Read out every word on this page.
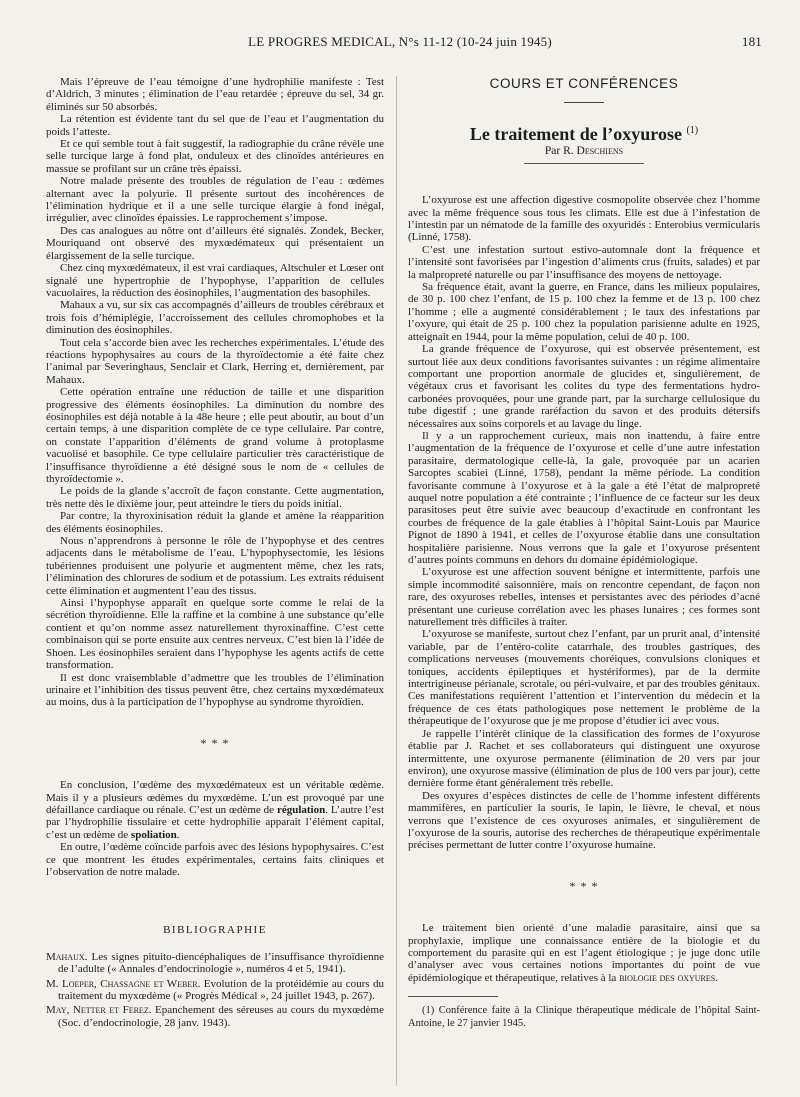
LE PROGRES MEDICAL, N°s 11-12 (10-24 juin 1945)	181

Mais l’épreuve de l’eau témoigne d’une hydrophilie manifeste : Test d’Aldrich, 3 minutes ; élimination de l’eau retardée ; épreuve du sel, 34 gr. éliminés sur 50 absorbés.

La rétention est évidente tant du sel que de l’eau et l’augmentation du poids l’atteste.

Et ce qui semble tout à fait suggestif, la radiographie du crâne révèle une selle turcique large à fond plat, onduleux et des clinoïdes antérieures en massue se profilant sur un crâne très épaissi.

Notre malade présente des troubles de régulation de l’eau : œdèmes alternant avec la polyurie. Il présente surtout des incohérences de l’élimination hydrique et il a une selle turcique élargie à fond inégal, irrégulier, avec clinoïdes épaissies. Le rapprochement s’impose.

Des cas analogues au nôtre ont d’ailleurs été signalés. Zondek, Becker, Mouriquand ont observé des myxœdémateux qui présentaient un élargissement de la selle turcique.

Chez cinq myxœdémateux, il est vrai cardiaques, Altschuler et Lœser ont signalé une hypertrophie de l’hypophyse, l’apparition de cellules vacuolaires, la réduction des éosinophiles, l’augmentation des basophiles.

Mahaux a vu, sur six cas accompagnés d’ailleurs de troubles cérébraux et trois fois d’hémiplégie, l’accroissement des cellules chromophobes et la diminution des éosinophiles.

Tout cela s’accorde bien avec les recherches expérimentales. L’étude des réactions hypophysaires au cours de la thyroïdectomie a été faite chez l’animal par Severinghaus, Senclair et Clark, Herring et, dernièrement, par Mahaux.

Cette opération entraîne une réduction de taille et une disparition progressive des éléments éosinophiles. La diminution du nombre des éosinophiles est déjà notable à la 48e heure ; elle peut aboutir, au bout d’un certain temps, à une disparition complète de ce type cellulaire. Par contre, on constate l’apparition d’éléments de grand volume à protoplasme vacuolisé et basophile. Ce type cellulaire particulier très caractéristique de l’insuffisance thyroïdienne a été désigné sous le nom de « cellules de thyroïdectomie ».

Le poids de la glande s’accroît de façon constante. Cette augmentation, très nette dès le dixième jour, peut atteindre le tiers du poids initial.

Par contre, la thyroxinisation réduit la glande et amène la réapparition des éléments éosinophiles.

Nous n’apprendrons à personne le rôle de l’hypophyse et des centres adjacents dans le métabolisme de l’eau. L’hypophysectomie, les lésions tubériennes produisent une polyurie et augmentent même, chez les rats, l’élimination des chlorures de sodium et de potassium. Les extraits réduisent cette élimination et augmentent l’eau des tissus.

Ainsi l’hypophyse apparaît en quelque sorte comme le relai de la sécrétion thyroïdienne. Elle la raffine et la combine à une substance qu’elle contient et qu’on nomme assez naturellement thyroxinaffine. C’est cette combinaison qui se porte ensuite aux centres nerveux. C’est bien là l’idée de Shoen. Les éosinophiles seraient dans l’hypophyse les agents actifs de cette transformation.

Il est donc vraisemblable d’admettre que les troubles de l’élimination urinaire et l’inhibition des tissus peuvent être, chez certains myxœdémateux au moins, dus à la participation de l’hypophyse au syndrome thyroïdien.

* * *

En conclusion, l’œdème des myxœdémateux est un véritable œdème. Mais il y a plusieurs œdèmes du myxœdème. L’un est provoqué par une défaillance cardiaque ou rénale. C’est un œdème de régulation. L’autre l’est par l’hydrophilie tissulaire et cette hydrophilie apparait l’élément capital, c’est un œdème de spoliation.

En outre, l’œdème coïncide parfois avec des lésions hypophysaires. C’est ce que montrent les études expérimentales, certains faits cliniques et l’observation de notre malade.

BIBLIOGRAPHIE
Mahaux. Les signes pituito-diencéphaliques de l’insuffisance thyroïdienne de l’adulte (« Annales d’endocrinologie », numéros 4 et 5, 1941).
M. Loeper, Chassagne et Weber. Evolution de la protéidémie au cours du traitement du myxœdème (« Progrès Médical », 24 juillet 1943, p. 267).
May, Netter et Ferez. Epanchement des séreuses au cours du myxœdème (Soc. d’endocrinologie, 28 janv. 1943).
COURS ET CONFÉRENCES
Le traitement de l’oxyurose $^{(1)}$
Par R. Deschiens

L’oxyurose est une affection digestive cosmopolite observée chez l’homme avec la même fréquence sous tous les climats. Elle est due à l’infestation de l’intestin par un nématode de la famille des oxyuridés : Enterobius vermicularis (Linné, 1758).

C’est une infestation surtout estivo-automnale dont la fréquence et l’intensité sont favorisées par l’ingestion d’aliments crus (fruits, salades) et par la malpropreté naturelle ou par l’insuffisance des moyens de nettoyage.

Sa fréquence était, avant la guerre, en France, dans les milieux populaires, de 30 p. 100 chez l’enfant, de 15 p. 100 chez la femme et de 13 p. 100 chez l’homme ; elle a augmenté considérablement ; le taux des infestations par l’oxyure, qui était de 25 p. 100 chez la population parisienne adulte en 1925, atteignait en 1944, pour la même population, celui de 40 p. 100.

La grande fréquence de l’oxyurose, qui est observée présentement, est surtout liée aux deux conditions favorisantes suivantes : un régime alimentaire comportant une proportion anormale de glucides et, singulièrement, de végétaux crus et favorisant les colites du type des fermentations hydro-carbonées provoquées, pour une grande part, par la surcharge cellulosique du tube digestif ; une grande raréfaction du savon et des produits détersifs nécessaires aux soins corporels et au lavage du linge.

Il y a un rapprochement curieux, mais non inattendu, à faire entre l’augmentation de la fréquence de l’oxyurose et celle d’une autre infestation parasitaire, dermatologique celle-là, la gale, provoquée par un acarien Sarcoptes scabiei (Linné, 1758), pendant la même période. La condition favorisante commune à l’oxyurose et à la gale a été l’état de malpropreté auquel notre population a été contrainte ; l’influence de ce facteur sur les deux parasitoses peut être suivie avec beaucoup d’exactitude en confrontant les courbes de fréquence de la gale établies à l’hôpital Saint-Louis par Maurice Pignot de 1890 à 1941, et celles de l’oxyurose établie dans une consultation hospitalière parisienne. Nous verrons que la gale et l’oxyurose présentent d’autres points communs en dehors du domaine épidémiologique.

L’oxyurose est une affection souvent bénigne et intermittente, parfois une simple incommodité saisonnière, mais on rencontre cependant, de façon non rare, des oxyuroses rebelles, intenses et persistantes avec des périodes d’acné présentant une curieuse corrélation avec les phases lunaires ; ces formes sont naturellement très difficiles à traiter.

L’oxyurose se manifeste, surtout chez l’enfant, par un prurit anal, d’intensité variable, par de l’entéro-colite catarrhale, des troubles gastriques, des complications nerveuses (mouvements choréiques, convulsions cloniques et toniques, accidents épileptiques et hystériformes), par de la dermite intertrigineuse périanale, scrotale, ou péri-vulvaire, et par des troubles génitaux. Ces manifestations requièrent l’attention et l’intervention du médecin et la fréquence de ces états pathologiques pose nettement le problème de la thérapeutique de l’oxyurose que je me propose d’étudier ici avec vous.

Je rappelle l’intérêt clinique de la classification des formes de l’oxyurose établie par J. Rachet et ses collaborateurs qui distinguent une oxyurose intermittente, une oxyurose permanente (élimination de 20 vers par jour environ), une oxyurose massive (élimination de plus de 100 vers par jour), cette dernière forme étant généralement très rebelle.

Des oxyures d’espèces distinctes de celle de l’homme infestent différents mammifères, en particulier la souris, le lapin, le lièvre, le cheval, et nous verrons que l’existence de ces oxyuroses animales, et singulièrement de l’oxyurose de la souris, autorise des recherches de thérapeutique expérimentale précises permettant de lutter contre l’oxyurose humaine.

* * *

Le traitement bien orienté d’une maladie parasitaire, ainsi que sa prophylaxie, implique une connaissance entière de la biologie et du comportement du parasite qui en est l’agent étiologique ; je juge donc utile d’analyser avec vous certaines notions importantes du point de vue épidémiologique et thérapeutique, relatives à la biologie des oxyures.

(1) Conférence faite à la Clinique thérapeutique médicale de l’hôpital Saint-Antoine, le 27 janvier 1945.
